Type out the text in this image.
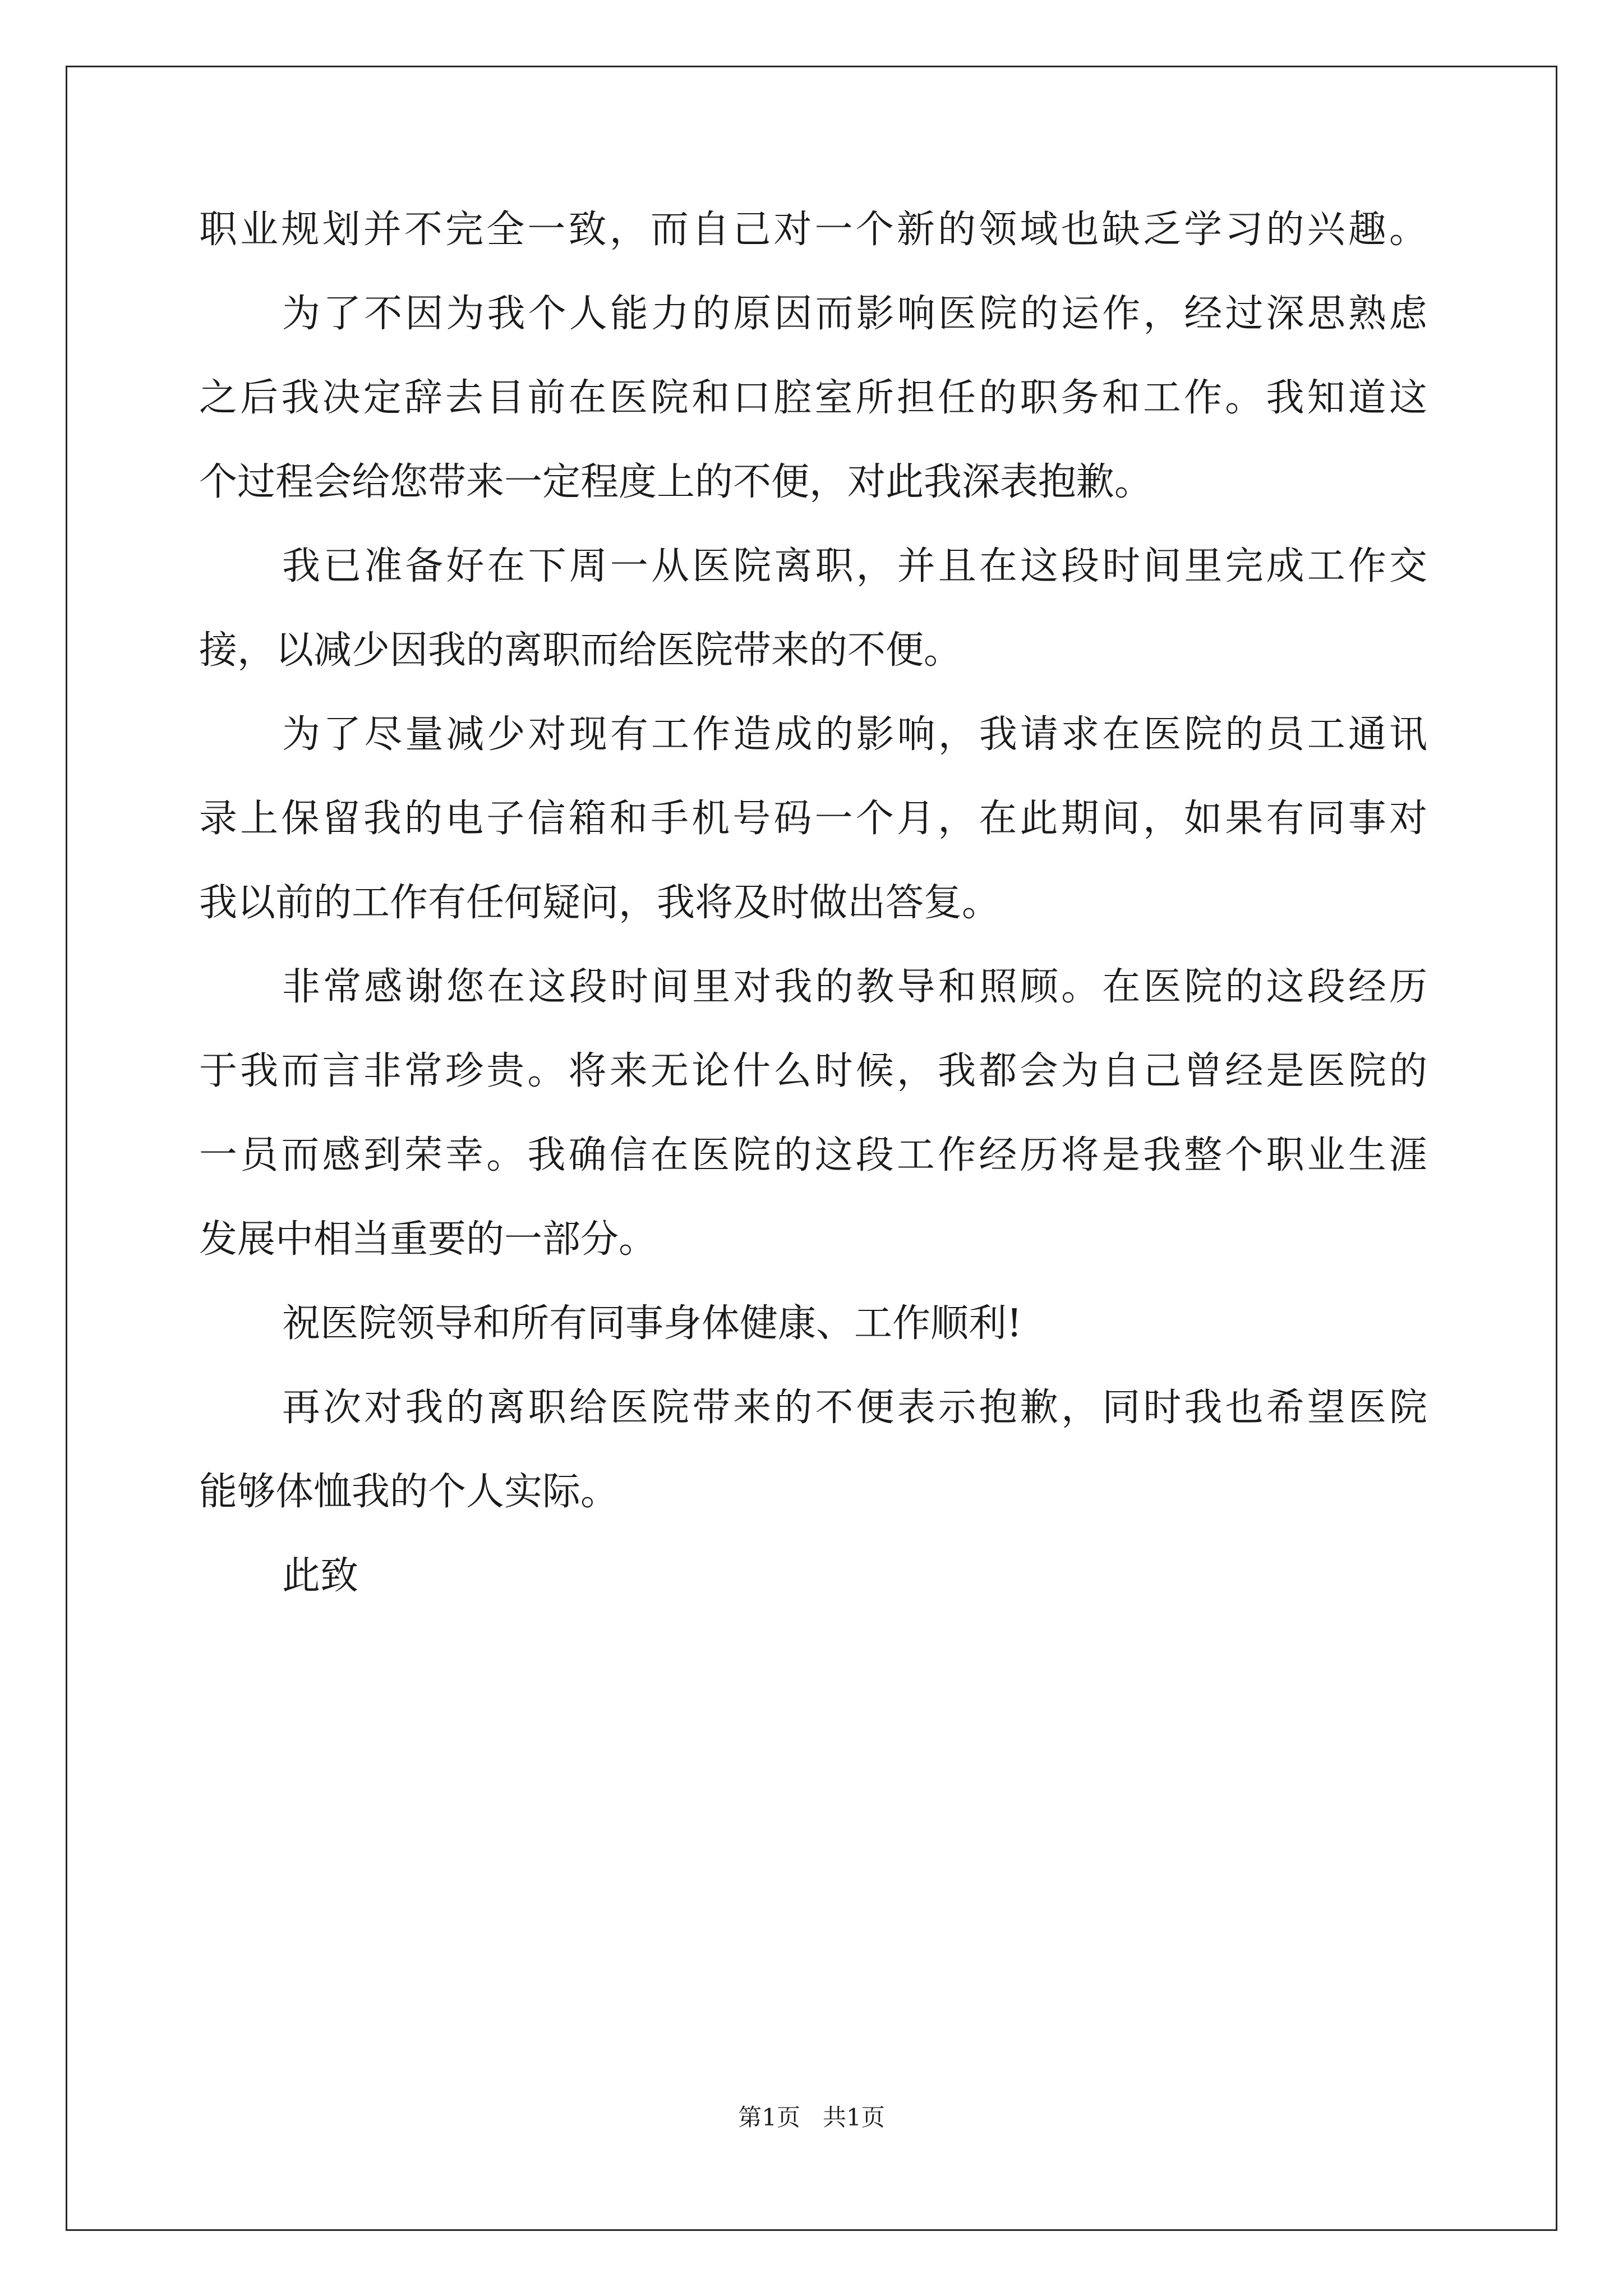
职业规划并不完全一致，而自己对一个新的领域也缺乏学习的兴趣。
为了不因为我个人能力的原因而影响医院的运作，经过深思熟虑
之后我决定辞去目前在医院和口腔室所担任的职务和工作。我知道这
个过程会给您带来一定程度上的不便，对此我深表抱歉。
我已准备好在下周一从医院离职，并且在这段时间里完成工作交
接，以减少因我的离职而给医院带来的不便。
为了尽量减少对现有工作造成的影响，我请求在医院的员工通讯
录上保留我的电子信箱和手机号码一个月，在此期间，如果有同事对
我以前的工作有任何疑问，我将及时做出答复。
非常感谢您在这段时间里对我的教导和照顾。在医院的这段经历
于我而言非常珍贵。将来无论什么时候，我都会为自己曾经是医院的
一员而感到荣幸。我确信在医院的这段工作经历将是我整个职业生涯
发展中相当重要的一部分。
祝医院领导和所有同事身体健康、工作顺利!
再次对我的离职给医院带来的不便表示抱歉，同时我也希望医院
能够体恤我的个人实际。
此致
第1页   共1页
